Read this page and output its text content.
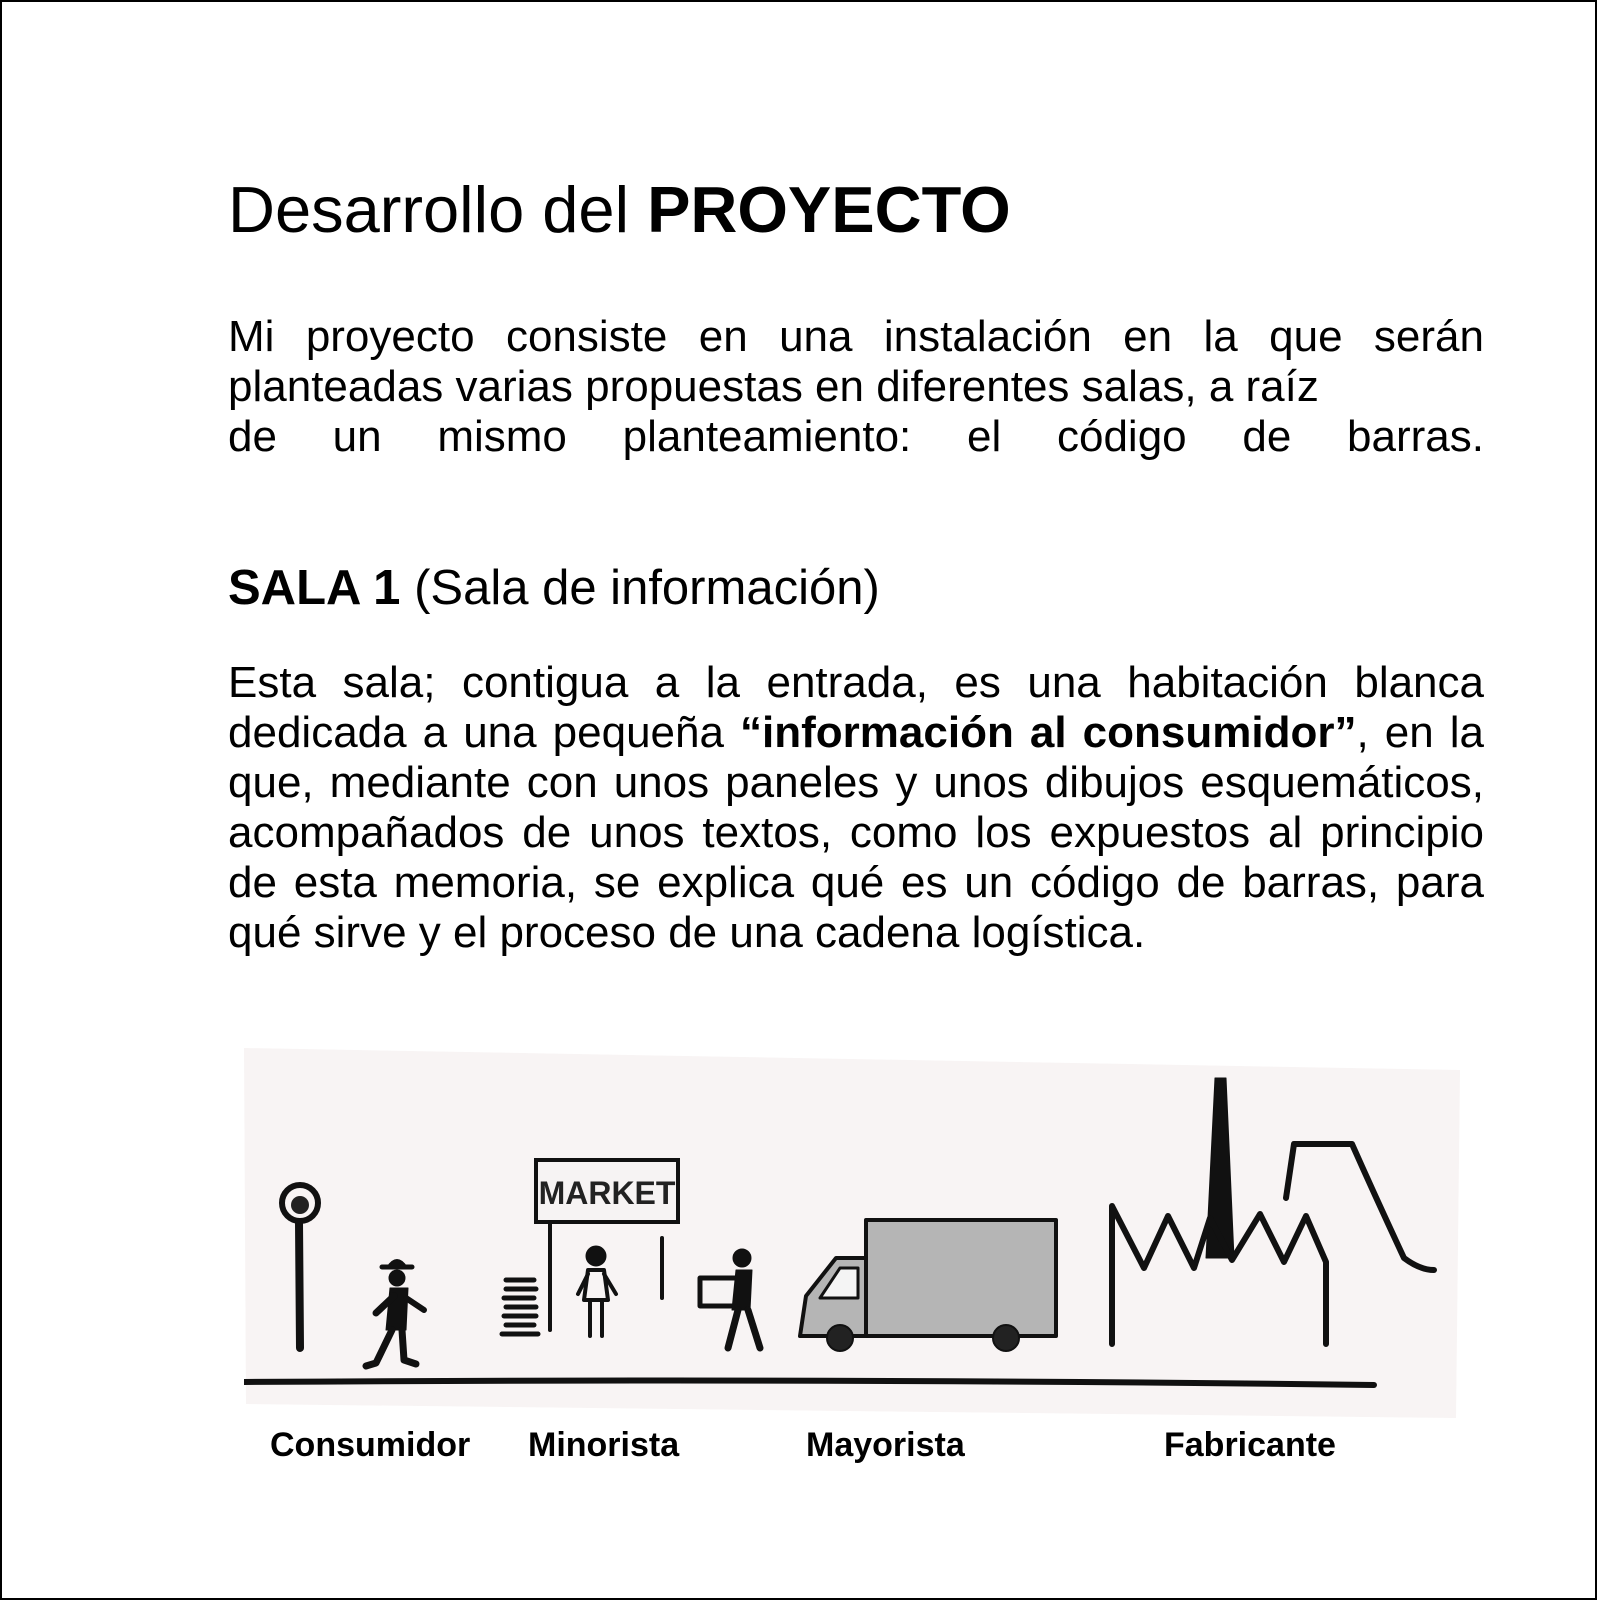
Desarrollo del PROYECTO

Mi proyecto consiste en una instalación en la que serán planteadas varias propuestas en diferentes salas, a raíz
de un mismo planteamiento: el código de barras.

SALA 1 (Sala de información)

Esta sala; contigua a la entrada, es una habitación blanca dedicada a una pequeña “información al consumidor”, en la que, mediante con unos paneles y unos dibujos esquemáticos, acompañados de unos textos, como los expuestos al principio de esta memoria, se explica qué es un código de barras, para qué sirve y el proceso de una cadena logística.

MARKET
Consumidor Minorista	Mayorista	Fabricante
